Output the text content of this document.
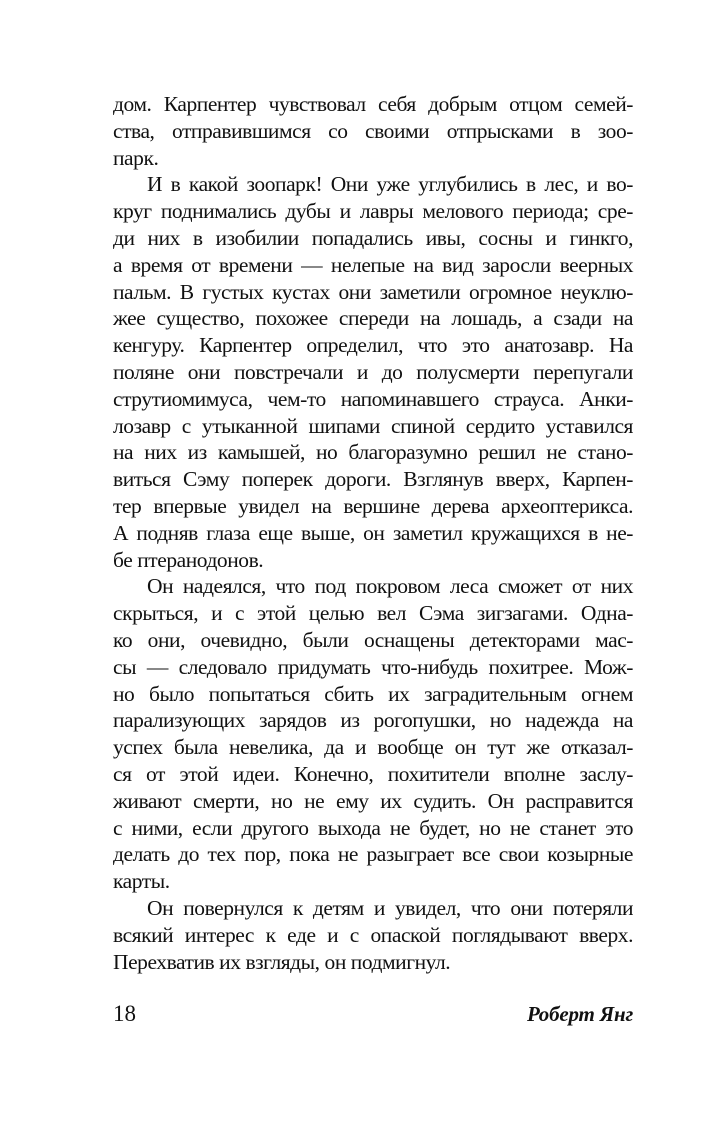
дом. Карпентер чувствовал себя добрым отцом семей-
ства, отправившимся со своими отпрысками в зоо-
парк.
И в какой зоопарк! Они уже углубились в лес, и во-
круг поднимались дубы и лавры мелового периода; сре-
ди них в изобилии попадались ивы, сосны и гинкго,
а время от времени — нелепые на вид заросли веерных
пальм. В густых кустах они заметили огромное неуклю-
жее существо, похожее спереди на лошадь, а сзади на
кенгуру. Карпентер определил, что это анатозавр. На
поляне они повстречали и до полусмерти перепугали
струтиомимуса, чем-то напоминавшего страуса. Анки-
лозавр с утыканной шипами спиной сердито уставился
на них из камышей, но благоразумно решил не стано-
виться Сэму поперек дороги. Взглянув вверх, Карпен-
тер впервые увидел на вершине дерева археоптерикса.
А подняв глаза еще выше, он заметил кружащихся в не-
бе птеранодонов.
Он надеялся, что под покровом леса сможет от них
скрыться, и с этой целью вел Сэма зигзагами. Одна-
ко они, очевидно, были оснащены детекторами мас-
сы — следовало придумать что-нибудь похитрее. Мож-
но было попытаться сбить их заградительным огнем
парализующих зарядов из рогопушки, но надежда на
успех была невелика, да и вообще он тут же отказал-
ся от этой идеи. Конечно, похитители вполне заслу-
живают смерти, но не ему их судить. Он расправится
с ними, если другого выхода не будет, но не станет это
делать до тех пор, пока не разыграет все свои козырные
карты.
Он повернулся к детям и увидел, что они потеряли
всякий интерес к еде и с опаской поглядывают вверх.
Перехватив их взгляды, он подмигнул.
18	Роберт Янг
